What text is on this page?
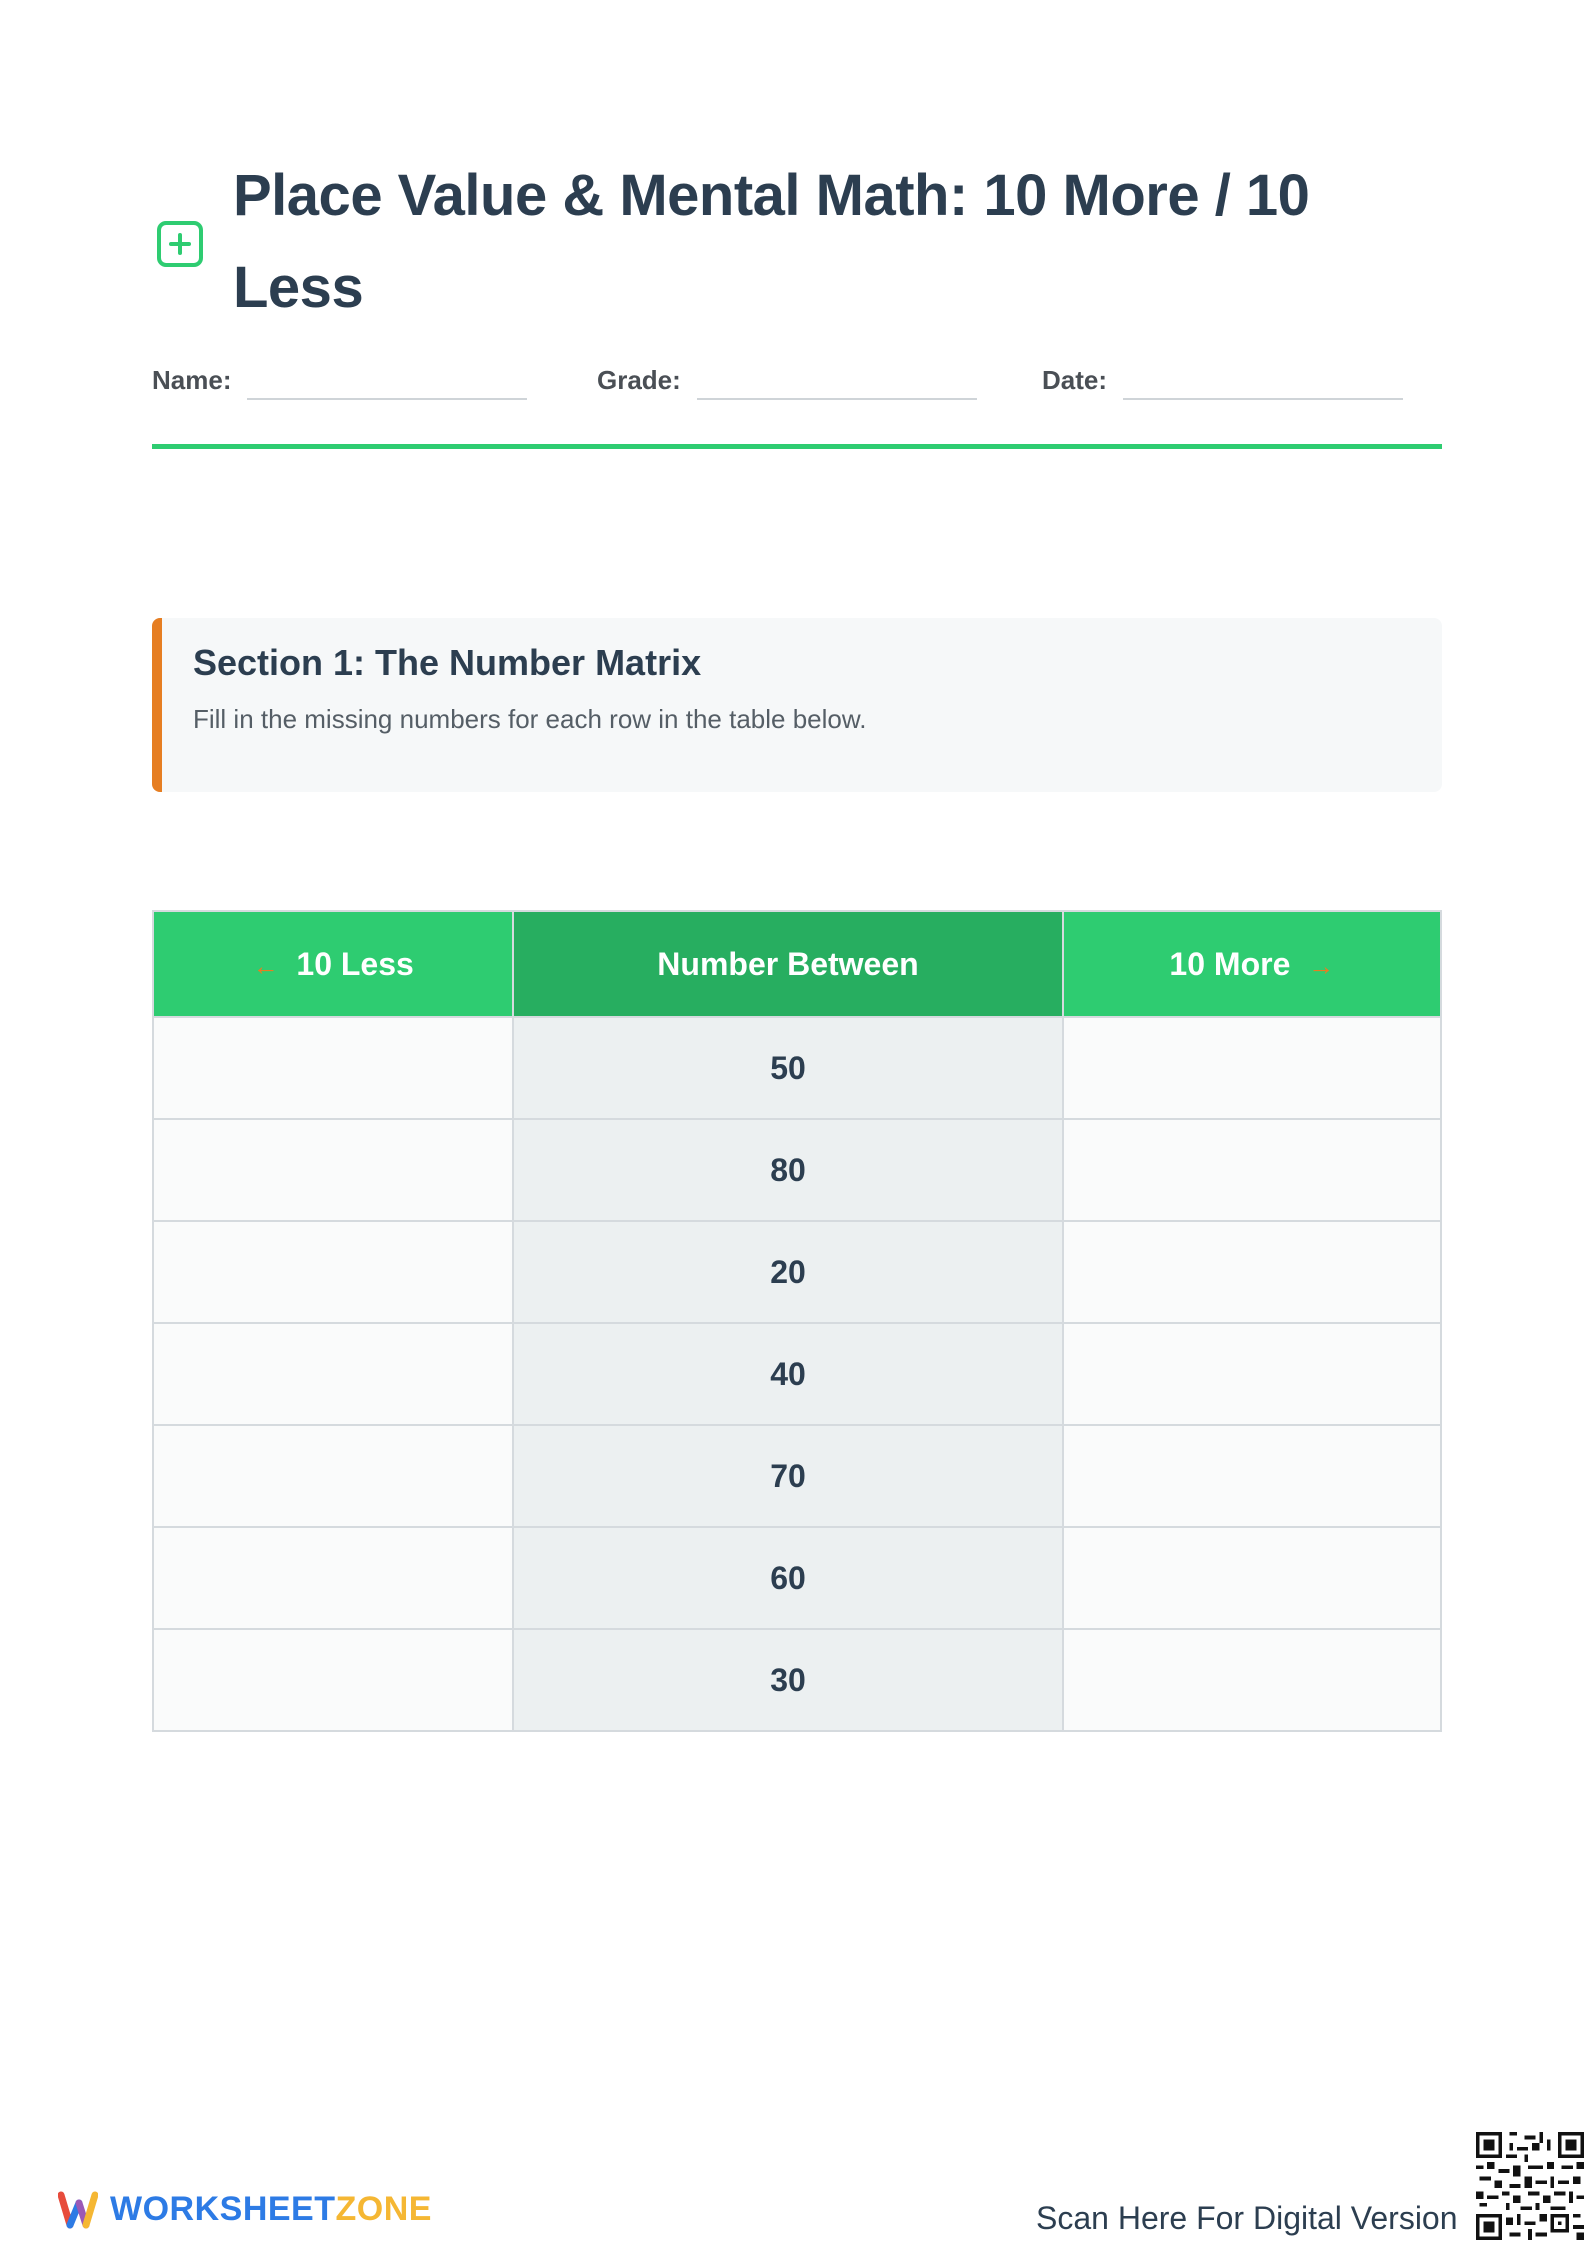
Place Value & Mental Math: 10 More / 10 Less
Name:	Grade:	Date:
Section 1: The Number Matrix
Fill in the missing numbers for each row in the table below.
← 10 Less	Number Between	10 More →
	50	
	80	
	20	
	40	
	70	
	60	
	30	
WORKSHEETZONE	Scan Here For Digital Version
